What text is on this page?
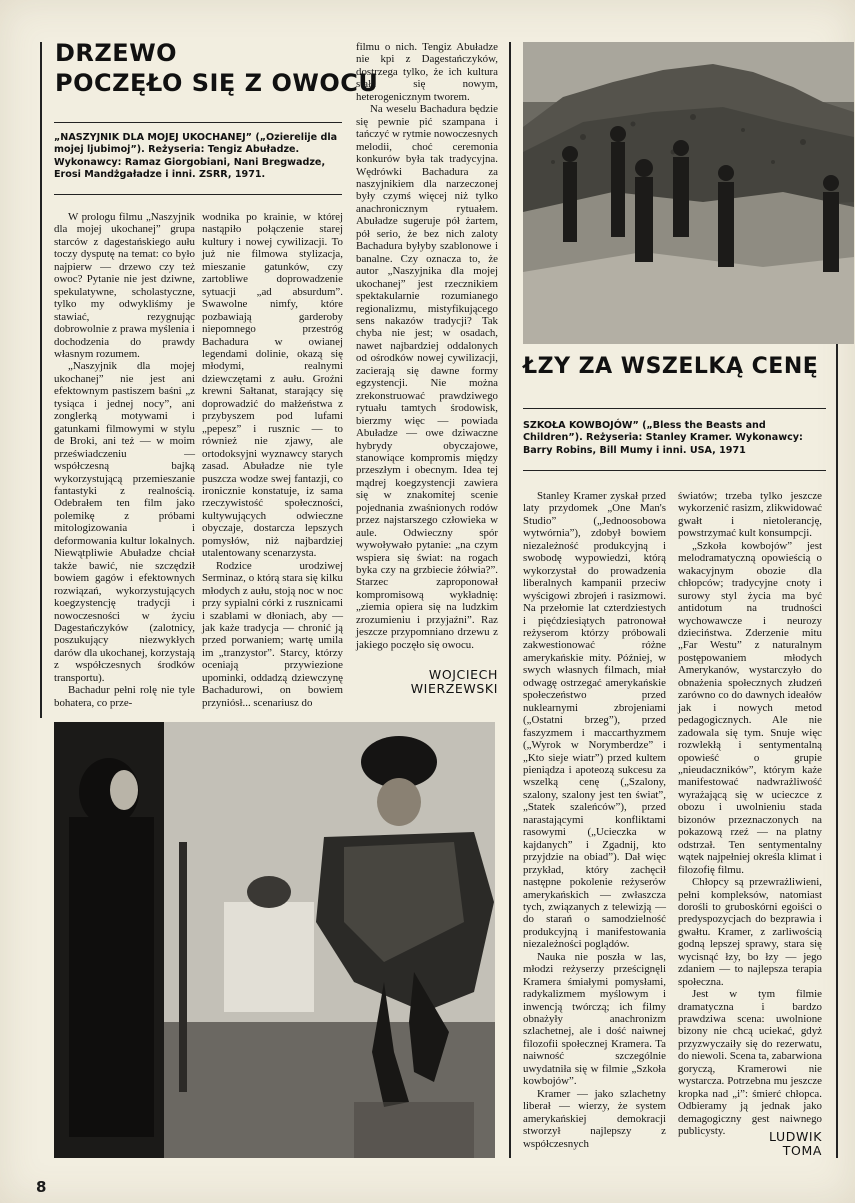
DRZEWO
POCZĘŁO SIĘ Z OWOCU

„NASZYJNIK DLA MOJEJ UKOCHANEJ” („Ozierelije dla mojej ljubimoj”). Reżyseria: Tengiz Abuładze. Wykonawcy: Ramaz Giorgobiani, Nani Bregwadze, Erosi Mandżgaładze i inni. ZSRR, 1971.

W prologu filmu „Naszyjnik dla mojej ukochanej” grupa starców z dagestańskiego aułu toczy dysputę na temat: co było najpierw — drzewo czy też owoc? Pytanie nie jest dziwne, spekulatywne, scholastyczne, tylko my odwykliśmy je stawiać, rezygnując dobrowolnie z prawa myślenia i dochodzenia do prawdy własnym rozumem.

„Naszyjnik dla mojej ukochanej” nie jest ani efektownym pastiszem baśni „z tysiąca i jednej nocy”, ani zonglerką motywami i gatunkami filmowymi w stylu de Broki, ani też — w moim przeświadczeniu — współczesną bajką wykorzystującą przemieszanie fantastyki z realnością. Odebrałem ten film jako polemikę z próbami mitologizowania i deformowania kultur lokalnych. Niewątpliwie Abuładze chciał także bawić, nie szczędził bowiem gagów i efektownych rozwiązań, wykorzystujących koegzystencję tradycji i nowoczesności w życiu Dagestańczyków (zalotnicy, poszukujący niezwykłych darów dla ukochanej, korzystają z współczesnych środków transportu).

Bachadur pełni rolę nie tyle bohatera, co prze-

wodnika po krainie, w której nastąpiło połączenie starej kultury i nowej cywilizacji. To już nie filmowa stylizacja, mieszanie gatunków, czy zartobliwe doprowadzenie sytuacji „ad absurdum”. Swawolne nimfy, które pozbawiają garderoby niepomnego przestróg Bachadura w owianej legendami dolinie, okazą się młodymi, realnymi dziewczętami z aułu. Groźni krewni Sałtanat, starający się doprowadzić do małżeństwa z przybyszem pod lufami „pepesz” i rusznic — to również nie zjawy, ale ortodoksyjni wyznawcy starych zasad. Abuładze nie tyle puszcza wodze swej fantazji, co ironicznie konstatuje, iz sama rzeczywistość społeczności, kultywujących odwieczne obyczaje, dostarcza lepszych pomysłów, niż najbardziej utalentowany scenarzysta.

Rodzice urodziwej Serminaz, o którą stara się kilku młodych z aułu, stoją noc w noc przy sypialni córki z rusznicami i szablami w dłoniach, aby — jak każe tradycja — chronić ją przed porwaniem; wartę umila im „tranzystor”. Starcy, którzy oceniają przywiezione upominki, oddadzą dziewczynę Bachadurowi, on bowiem przyniósł... scenariusz do

filmu o nich. Tengiz Abuładze nie kpi z Dagestańczyków, dostrzega tylko, że ich kultura stała się nowym, heterogenicznym tworem.

Na weselu Bachadura będzie się pewnie pić szampana i tańczyć w rytmie nowoczesnych melodii, choć ceremonia konkurów była tak tradycyjna. Wędrówki Bachadura za naszyjnikiem dla narzeczonej były czymś więcej niż tylko anachronicznym rytuałem. Abuładze sugeruje pół żartem, pół serio, że bez nich zaloty Bachadura byłyby szablonowe i banalne. Czy oznacza to, że autor „Naszyjnika dla mojej ukochanej” jest rzecznikiem spektakularnie rozumianego regionalizmu, mistyfikującego sens nakazów tradycji? Tak chyba nie jest; w osadach, nawet najbardziej oddalonych od ośrodków nowej cywilizacji, zacierają się dawne formy egzystencji. Nie można zrekonstruować prawdziwego rytuału tamtych środowisk, bierzmy więc — powiada Abuładze — owe dziwaczne hybrydy obyczajowe, stanowiące kompromis między przeszłym i obecnym. Idea tej mądrej koegzystencji zawiera się w znakomitej scenie pojednania zwaśnionych rodów przez najstarszego człowieka w aule. Odwieczny spór wywoływało pytanie: „na czym wspiera się świat: na rogach byka czy na grzbiecie żółwia?”. Starzec zaproponował kompromisową wykładnię: „ziemia opiera się na ludzkim zrozumieniu i przyjaźni”. Raz jeszcze przypomniano drzewu z jakiego poczęło się owocu.

WOJCIECH
WIERZEWSKI
ŁZY ZA WSZELKĄ CENĘ

SZKOŁA KOWBOJÓW” („Bless the Beasts and Children”). Reżyseria: Stanley Kramer. Wykonawcy: Barry Robins, Bill Mumy i inni. USA, 1971

Stanley Kramer zyskał przed laty przydomek „One Man's Studio” („Jednoosobowa wytwórnia”), zdobył bowiem niezależność produkcyjną i swobodę wypowiedzi, którą wykorzystał do prowadzenia liberalnych kampanii przeciw wyścigowi zbrojeń i rasizmowi. Na przełomie lat czterdziestych i pięćdziesiątych patronował reżyserom którzy próbowali zakwestionować różne amerykańskie mity. Później, w swych własnych filmach, miał odwagę ostrzegać amerykańskie społeczeństwo przed nuklearnymi zbrojeniami („Ostatni brzeg”), przed faszyzmem i maccarthyzmem („Wyrok w Norymberdze” i „Kto sieje wiatr”) przed kultem pieniądza i apoteozą sukcesu za wszelką cenę („Szalony, szalony, szalony jest ten świat”, „Statek szaleńców”), przed narastającymi konfliktami rasowymi („Ucieczka w kajdanych” i Zgadnij, kto przyjdzie na obiad”). Dał więc przykład, który zachęcił następne pokolenie reżyserów amerykańskich — zwłaszcza tych, związanych z telewizją — do starań o samodzielność produkcyjną i manifestowania niezależności poglądów.

Nauka nie poszła w las, młodzi reżyserzy prześcignęli Kramera śmiałymi pomysłami, radykalizmem myślowym i inwencją twórczą; ich filmy obnażyły anachronizm szlachetnej, ale i dość naiwnej filozofii społecznej Kramera. Ta naiwność szczególnie uwydatniła się w filmie „Szkoła kowbojów”.

Kramer — jako szlachetny liberał — wierzy, że system amerykańskiej demokracji stworzył najlepszy z współczesnych

światów; trzeba tylko jeszcze wykorzenić rasizm, zlikwidować gwałt i nietolerancję, powstrzymać kult konsumpcji.

„Szkoła kowbojów” jest melodramatyczną opowieścią o wakacyjnym obozie dla chłopców; tradycyjne cnoty i surowy styl życia ma być antidotum na trudności wychowawcze i neurozy dzieciństwa. Zderzenie mitu „Far Westu” z naturalnym postępowaniem młodych Amerykanów, wystarczyło do obnażenia społecznych złudzeń zarówno co do dawnych ideałów jak i nowych metod pedagogicznych. Ale nie zadowala się tym. Snuje więc rozwlekłą i sentymentalną opowieść o grupie „nieudaczników”, którym każe manifestować nadwrażliwość wyrażającą się w ucieczce z obozu i uwolnieniu stada bizonów przeznaczonych na pokazową rzeź — na platny odstrzał. Ten sentymentalny wątek najpełniej określa klimat i filozofię filmu.

Chłopcy są przewrażliwieni, pełni kompleksów, natomiast dorośli to gruboskórni egoiści o predyspozycjach do bezprawia i gwałtu. Kramer, z zarliwością godną lepszej sprawy, stara się wycisnąć łzy, bo łzy — jego zdaniem — to najlepsza terapia społeczna.

Jest w tym filmie dramatyczna i bardzo prawdziwa scena: uwolnione bizony nie chcą uciekać, gdyż przyzwyczaiły się do rezerwatu, do niewoli. Scena ta, zabarwiona goryczą, Kramerowi nie wystarcza. Potrzebna mu jeszcze kropka nad „i”: śmierć chłopca. Odbieramy ją jednak jako demagogiczny gest naiwnego publicysty.	LUDWIK
TOMA
8
